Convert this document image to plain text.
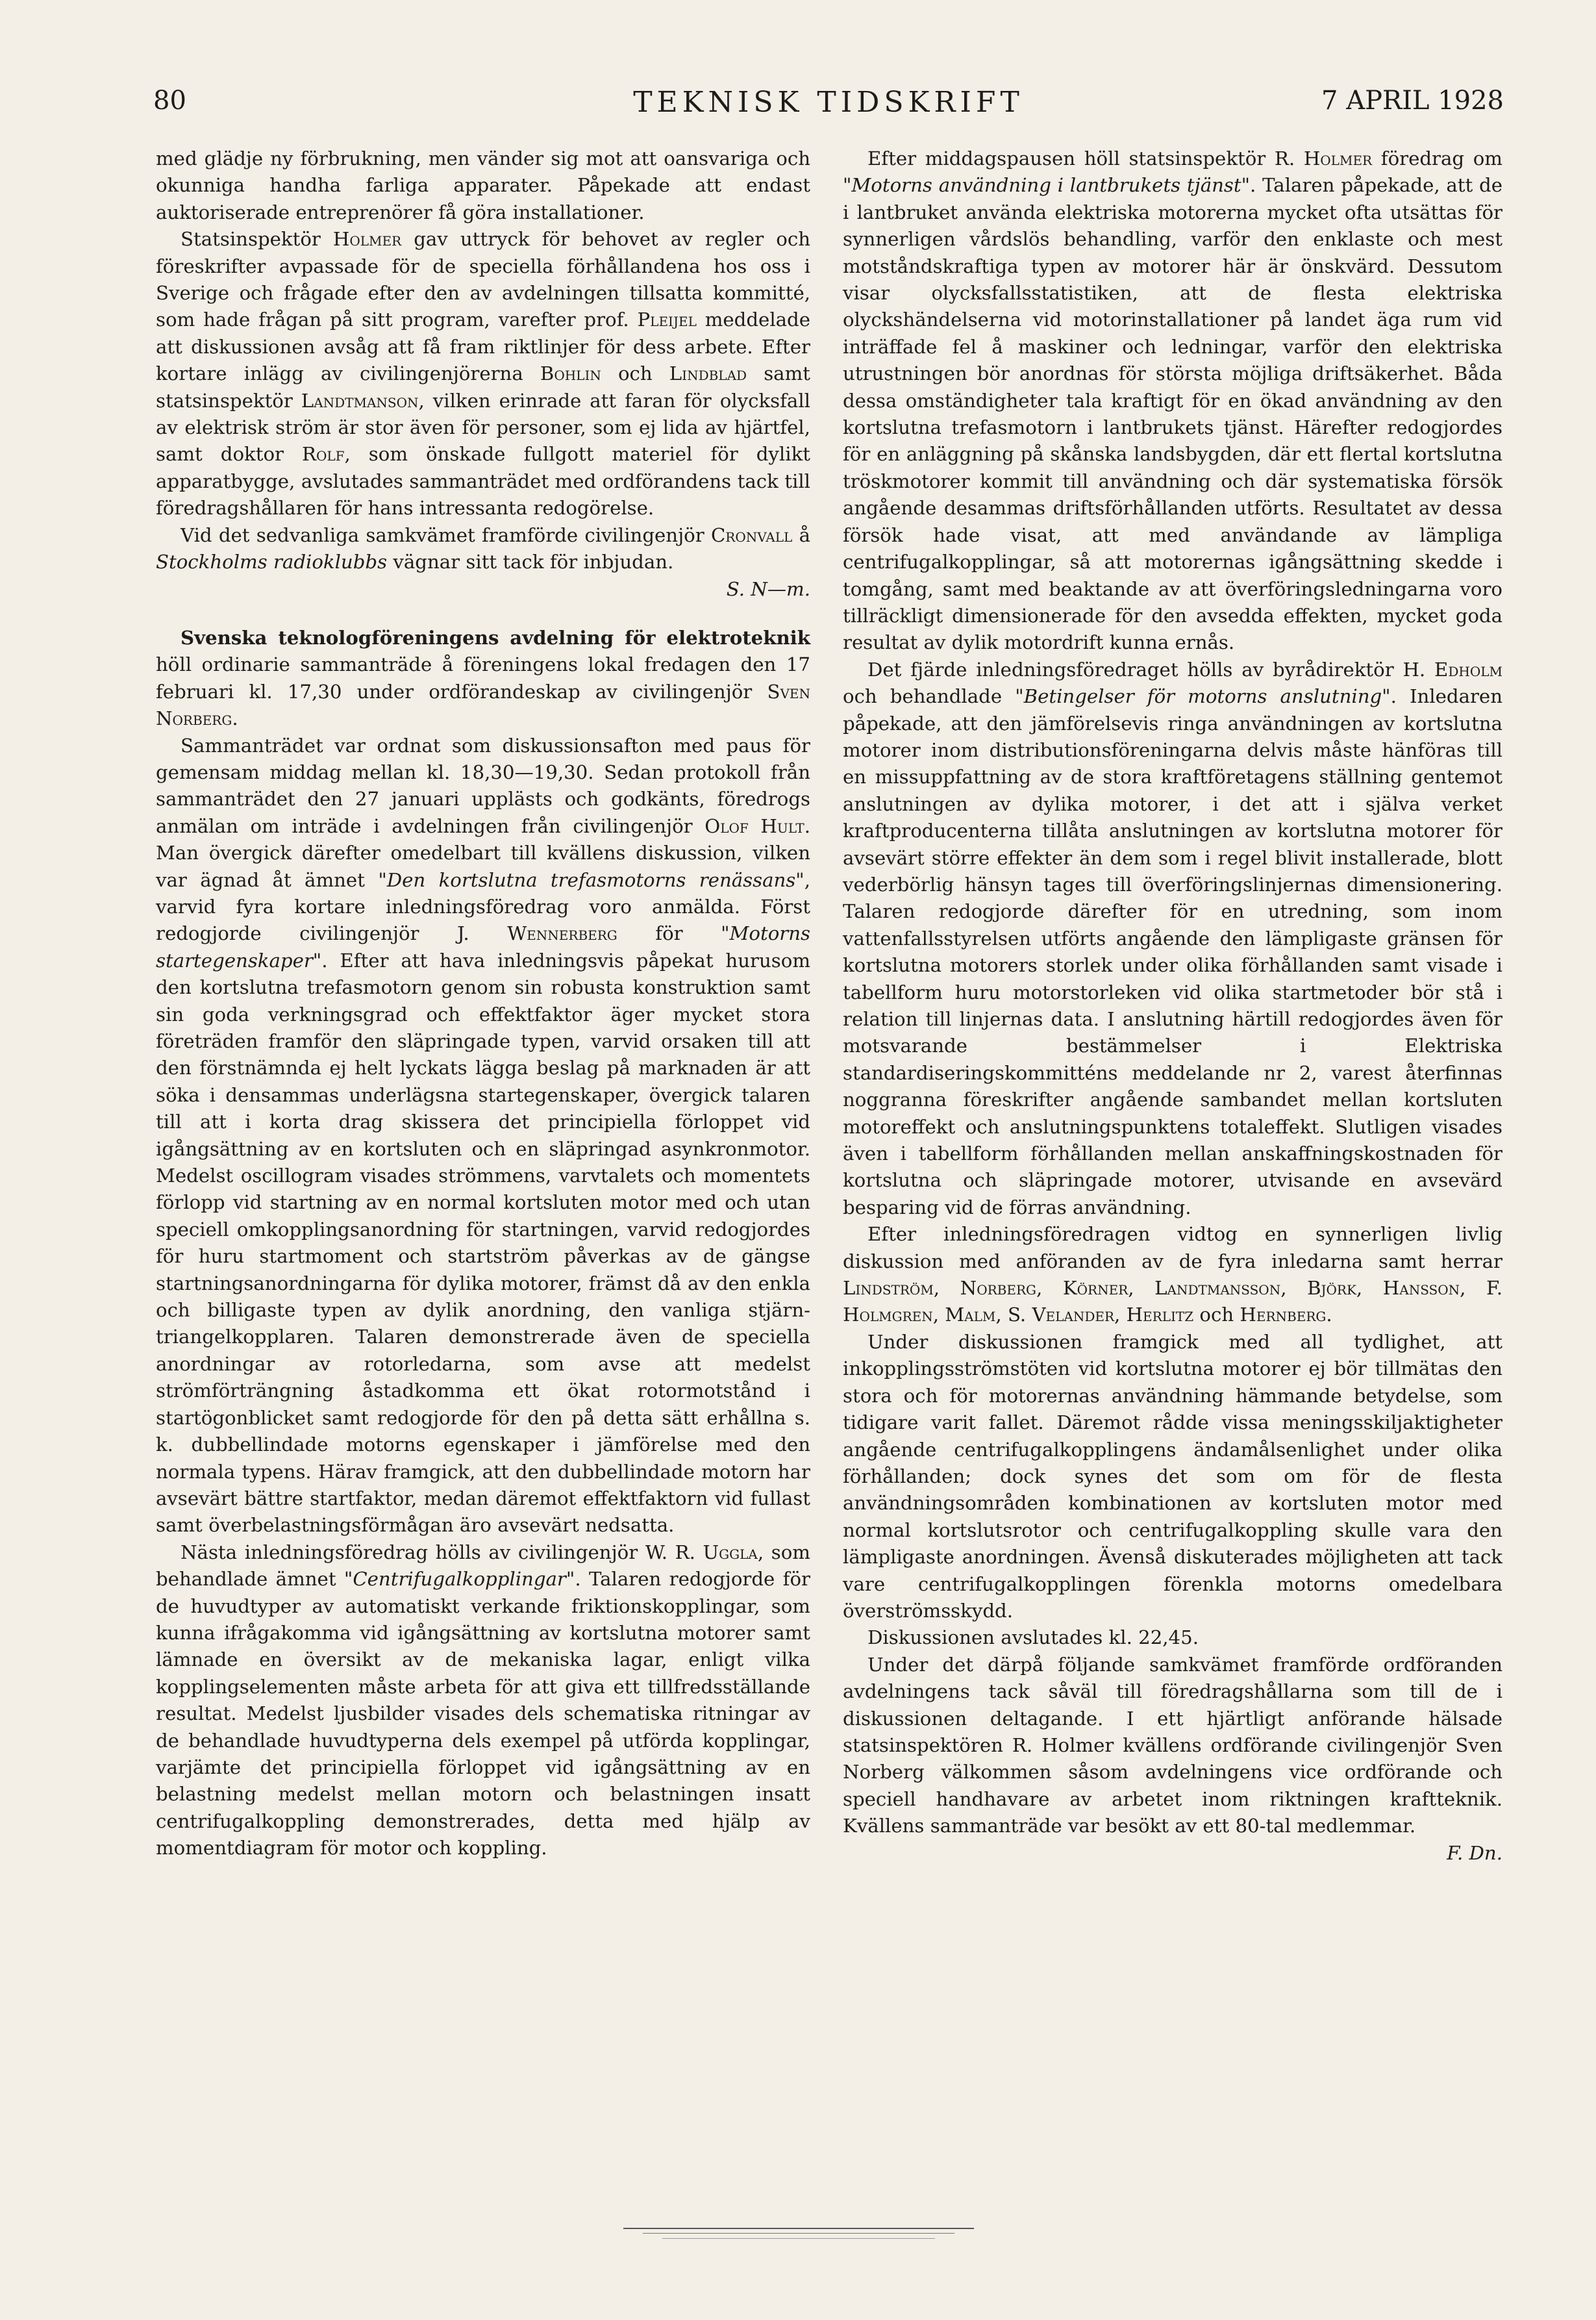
80	TEKNISK TIDSKRIFT	7 APRIL 1928

med glädje ny förbrukning, men vänder sig mot att oansvariga och okunniga handha farliga apparater. Påpekade att endast auktoriserade entreprenörer få göra installationer.

Statsinspektör Holmer gav uttryck för behovet av regler och föreskrifter avpassade för de speciella förhållandena hos oss i Sverige och frågade efter den av avdelningen tillsatta kommitté, som hade frågan på sitt program, varefter prof. Pleijel meddelade att diskussionen avsåg att få fram riktlinjer för dess arbete. Efter kortare inlägg av civilingenjörerna Bohlin och Lindblad samt statsinspektör Landtmanson, vilken erinrade att faran för olycksfall av elektrisk ström är stor även för personer, som ej lida av hjärtfel, samt doktor Rolf, som önskade fullgott materiel för dylikt apparatbygge, avslutades sammanträdet med ordförandens tack till föredragshållaren för hans intressanta redogörelse.

Vid det sedvanliga samkvämet framförde civilingenjör Cronvall å Stockholms radioklubbs vägnar sitt tack för inbjudan.

S. N—m.

Svenska teknologföreningens avdelning för elektroteknik höll ordinarie sammanträde å föreningens lokal fredagen den 17 februari kl. 17,30 under ordförandeskap av civilingenjör Sven Norberg.

Sammanträdet var ordnat som diskussionsafton med paus för gemensam middag mellan kl. 18,30—19,30. Sedan protokoll från sammanträdet den 27 januari upplästs och godkänts, föredrogs anmälan om inträde i avdelningen från civilingenjör Olof Hult. Man övergick därefter omedelbart till kvällens diskussion, vilken var ägnad åt ämnet "Den kortslutna trefasmotorns renässans", varvid fyra kortare inledningsföredrag voro anmälda. Först redogjorde civilingenjör J. Wennerberg för "Motorns startegenskaper". Efter att hava inledningsvis påpekat hurusom den kortslutna trefasmotorn genom sin robusta konstruktion samt sin goda verkningsgrad och effektfaktor äger mycket stora företräden framför den släpringade typen, varvid orsaken till att den förstnämnda ej helt lyckats lägga beslag på marknaden är att söka i densammas underlägsna startegenskaper, övergick talaren till att i korta drag skissera det principiella förloppet vid igångsättning av en kortsluten och en släpringad asynkronmotor. Medelst oscillogram visades strömmens, varvtalets och momentets förlopp vid startning av en normal kortsluten motor med och utan speciell omkopplingsanordning för startningen, varvid redogjordes för huru startmoment och startström påverkas av de gängse startningsanordningarna för dylika motorer, främst då av den enkla och billigaste typen av dylik anordning, den vanliga stjärn-triangelkopplaren. Talaren demonstrerade även de speciella anordningar av rotorledarna, som avse att medelst strömförträngning åstadkomma ett ökat rotormotstånd i startögonblicket samt redogjorde för den på detta sätt erhållna s. k. dubbellindade motorns egenskaper i jämförelse med den normala typens. Härav framgick, att den dubbellindade motorn har avsevärt bättre startfaktor, medan däremot effektfaktorn vid fullast samt överbelastningsförmågan äro avsevärt nedsatta.

Nästa inledningsföredrag hölls av civilingenjör W. R. Uggla, som behandlade ämnet "Centrifugalkopplingar". Talaren redogjorde för de huvudtyper av automatiskt verkande friktionskopplingar, som kunna ifrågakomma vid igångsättning av kortslutna motorer samt lämnade en översikt av de mekaniska lagar, enligt vilka kopplingselementen måste arbeta för att giva ett tillfredsställande resultat. Medelst ljusbilder visades dels schematiska ritningar av de behandlade huvudtyperna dels exempel på utförda kopplingar, varjämte det principiella förloppet vid igångsättning av en belastning medelst mellan motorn och belastningen insatt centrifugalkoppling demonstrerades, detta med hjälp av momentdiagram för motor och koppling.

Efter middagspausen höll statsinspektör R. Holmer föredrag om "Motorns användning i lantbrukets tjänst". Talaren påpekade, att de i lantbruket använda elektriska motorerna mycket ofta utsättas för synnerligen vårdslös behandling, varför den enklaste och mest motståndskraftiga typen av motorer här är önskvärd. Dessutom visar olycksfallsstatistiken, att de flesta elektriska olyckshändelserna vid motorinstallationer på landet äga rum vid inträffade fel å maskiner och ledningar, varför den elektriska utrustningen bör anordnas för största möjliga driftsäkerhet. Båda dessa omständigheter tala kraftigt för en ökad användning av den kortslutna trefasmotorn i lantbrukets tjänst. Härefter redogjordes för en anläggning på skånska landsbygden, där ett flertal kortslutna tröskmotorer kommit till användning och där systematiska försök angående desammas driftsförhållanden utförts. Resultatet av dessa försök hade visat, att med användande av lämpliga centrifugalkopplingar, så att motorernas igångsättning skedde i tomgång, samt med beaktande av att överföringsledningarna voro tillräckligt dimensionerade för den avsedda effekten, mycket goda resultat av dylik motordrift kunna ernås.

Det fjärde inledningsföredraget hölls av byrådirektör H. Edholm och behandlade "Betingelser för motorns anslutning". Inledaren påpekade, att den jämförelsevis ringa användningen av kortslutna motorer inom distributionsföreningarna delvis måste hänföras till en missuppfattning av de stora kraftföretagens ställning gentemot anslutningen av dylika motorer, i det att i själva verket kraftproducenterna tillåta anslutningen av kortslutna motorer för avsevärt större effekter än dem som i regel blivit installerade, blott vederbörlig hänsyn tages till överföringslinjernas dimensionering. Talaren redogjorde därefter för en utredning, som inom vattenfallsstyrelsen utförts angående den lämpligaste gränsen för kortslutna motorers storlek under olika förhållanden samt visade i tabellform huru motorstorleken vid olika startmetoder bör stå i relation till linjernas data. I anslutning härtill redogjordes även för motsvarande bestämmelser i Elektriska standardiseringskommitténs meddelande nr 2, varest återfinnas noggranna föreskrifter angående sambandet mellan kortsluten motoreffekt och anslutningspunktens totaleffekt. Slutligen visades även i tabellform förhållanden mellan anskaffningskostnaden för kortslutna och släpringade motorer, utvisande en avsevärd besparing vid de förras användning.

Efter inledningsföredragen vidtog en synnerligen livlig diskussion med anföranden av de fyra inledarna samt herrar Lindström, Norberg, Körner, Landtmansson, Björk, Hansson, F. Holmgren, Malm, S. Velander, Herlitz och Hernberg.

Under diskussionen framgick med all tydlighet, att inkopplingsströmstöten vid kortslutna motorer ej bör tillmätas den stora och för motorernas användning hämmande betydelse, som tidigare varit fallet. Däremot rådde vissa meningsskiljaktigheter angående centrifugalkopplingens ändamålsenlighet under olika förhållanden; dock synes det som om för de flesta användningsområden kombinationen av kortsluten motor med normal kortslutsrotor och centrifugalkoppling skulle vara den lämpligaste anordningen. Ävenså diskuterades möjligheten att tack vare centrifugalkopplingen förenkla motorns omedelbara överströmsskydd.

Diskussionen avslutades kl. 22,45.

Under det därpå följande samkvämet framförde ordföranden avdelningens tack såväl till föredragshållarna som till de i diskussionen deltagande. I ett hjärtligt anförande hälsade statsinspektören R. Holmer kvällens ordförande civilingenjör Sven Norberg välkommen såsom avdelningens vice ordförande och speciell handhavare av arbetet inom riktningen kraftteknik. Kvällens sammanträde var besökt av ett 80-tal medlemmar.

F. Dn.
